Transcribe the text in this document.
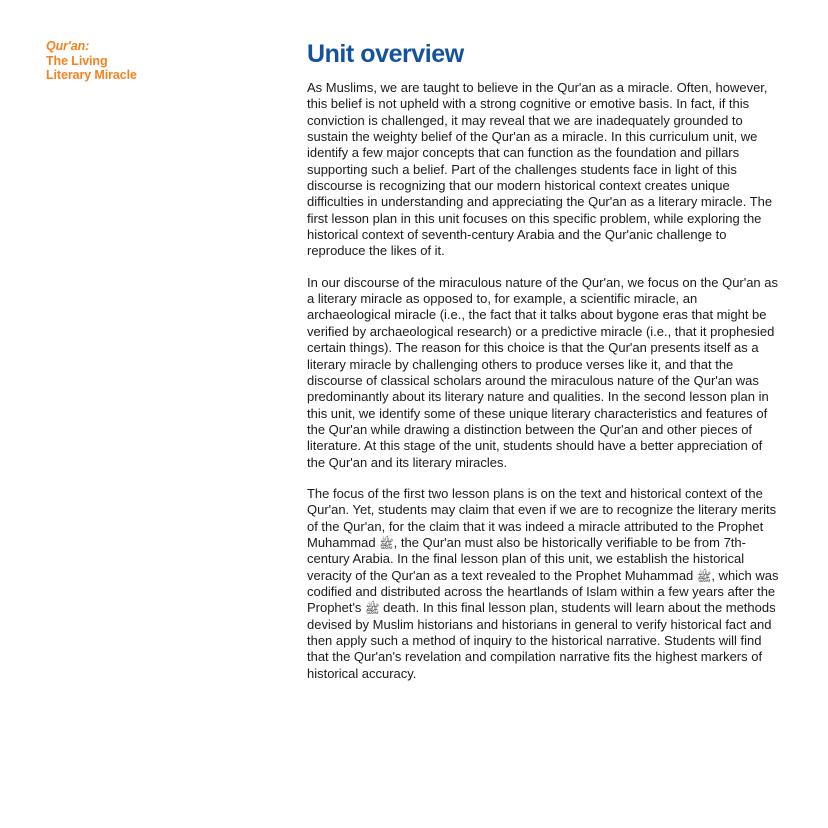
Qur'an:
The Living
Literary Miracle
Unit overview

As Muslims, we are taught to believe in the Qur'an as a miracle. Often, however, this belief is not upheld with a strong cognitive or emotive basis. In fact, if this conviction is challenged, it may reveal that we are inadequately grounded to sustain the weighty belief of the Qur'an as a miracle. In this curriculum unit, we identify a few major concepts that can function as the foundation and pillars supporting such a belief. Part of the challenges students face in light of this discourse is recognizing that our modern historical context creates unique difficulties in understanding and appreciating the Qur'an as a literary miracle. The first lesson plan in this unit focuses on this specific problem, while exploring the historical context of seventh-century Arabia and the Qur'anic challenge to reproduce the likes of it.

In our discourse of the miraculous nature of the Qur'an, we focus on the Qur'an as a literary miracle as opposed to, for example, a scientific miracle, an archaeological miracle (i.e., the fact that it talks about bygone eras that might be verified by archaeological research) or a predictive miracle (i.e., that it prophesied certain things). The reason for this choice is that the Qur'an presents itself as a literary miracle by challenging others to produce verses like it, and that the discourse of classical scholars around the miraculous nature of the Qur'an was predominantly about its literary nature and qualities. In the second lesson plan in this unit, we identify some of these unique literary characteristics and features of the Qur'an while drawing a distinction between the Qur'an and other pieces of literature. At this stage of the unit, students should have a better appreciation of the Qur'an and its literary miracles.

The focus of the first two lesson plans is on the text and historical context of the Qur'an. Yet, students may claim that even if we are to recognize the literary merits of the Qur'an, for the claim that it was indeed a miracle attributed to the Prophet Muhammad ﷺ, the Qur'an must also be historically verifiable to be from 7th-century Arabia. In the final lesson plan of this unit, we establish the historical veracity of the Qur'an as a text revealed to the Prophet Muhammad ﷺ, which was codified and distributed across the heartlands of Islam within a few years after the Prophet's ﷺ death. In this final lesson plan, students will learn about the methods devised by Muslim historians and historians in general to verify historical fact and then apply such a method of inquiry to the historical narrative. Students will find that the Qur'an's revelation and compilation narrative fits the highest markers of historical accuracy.
